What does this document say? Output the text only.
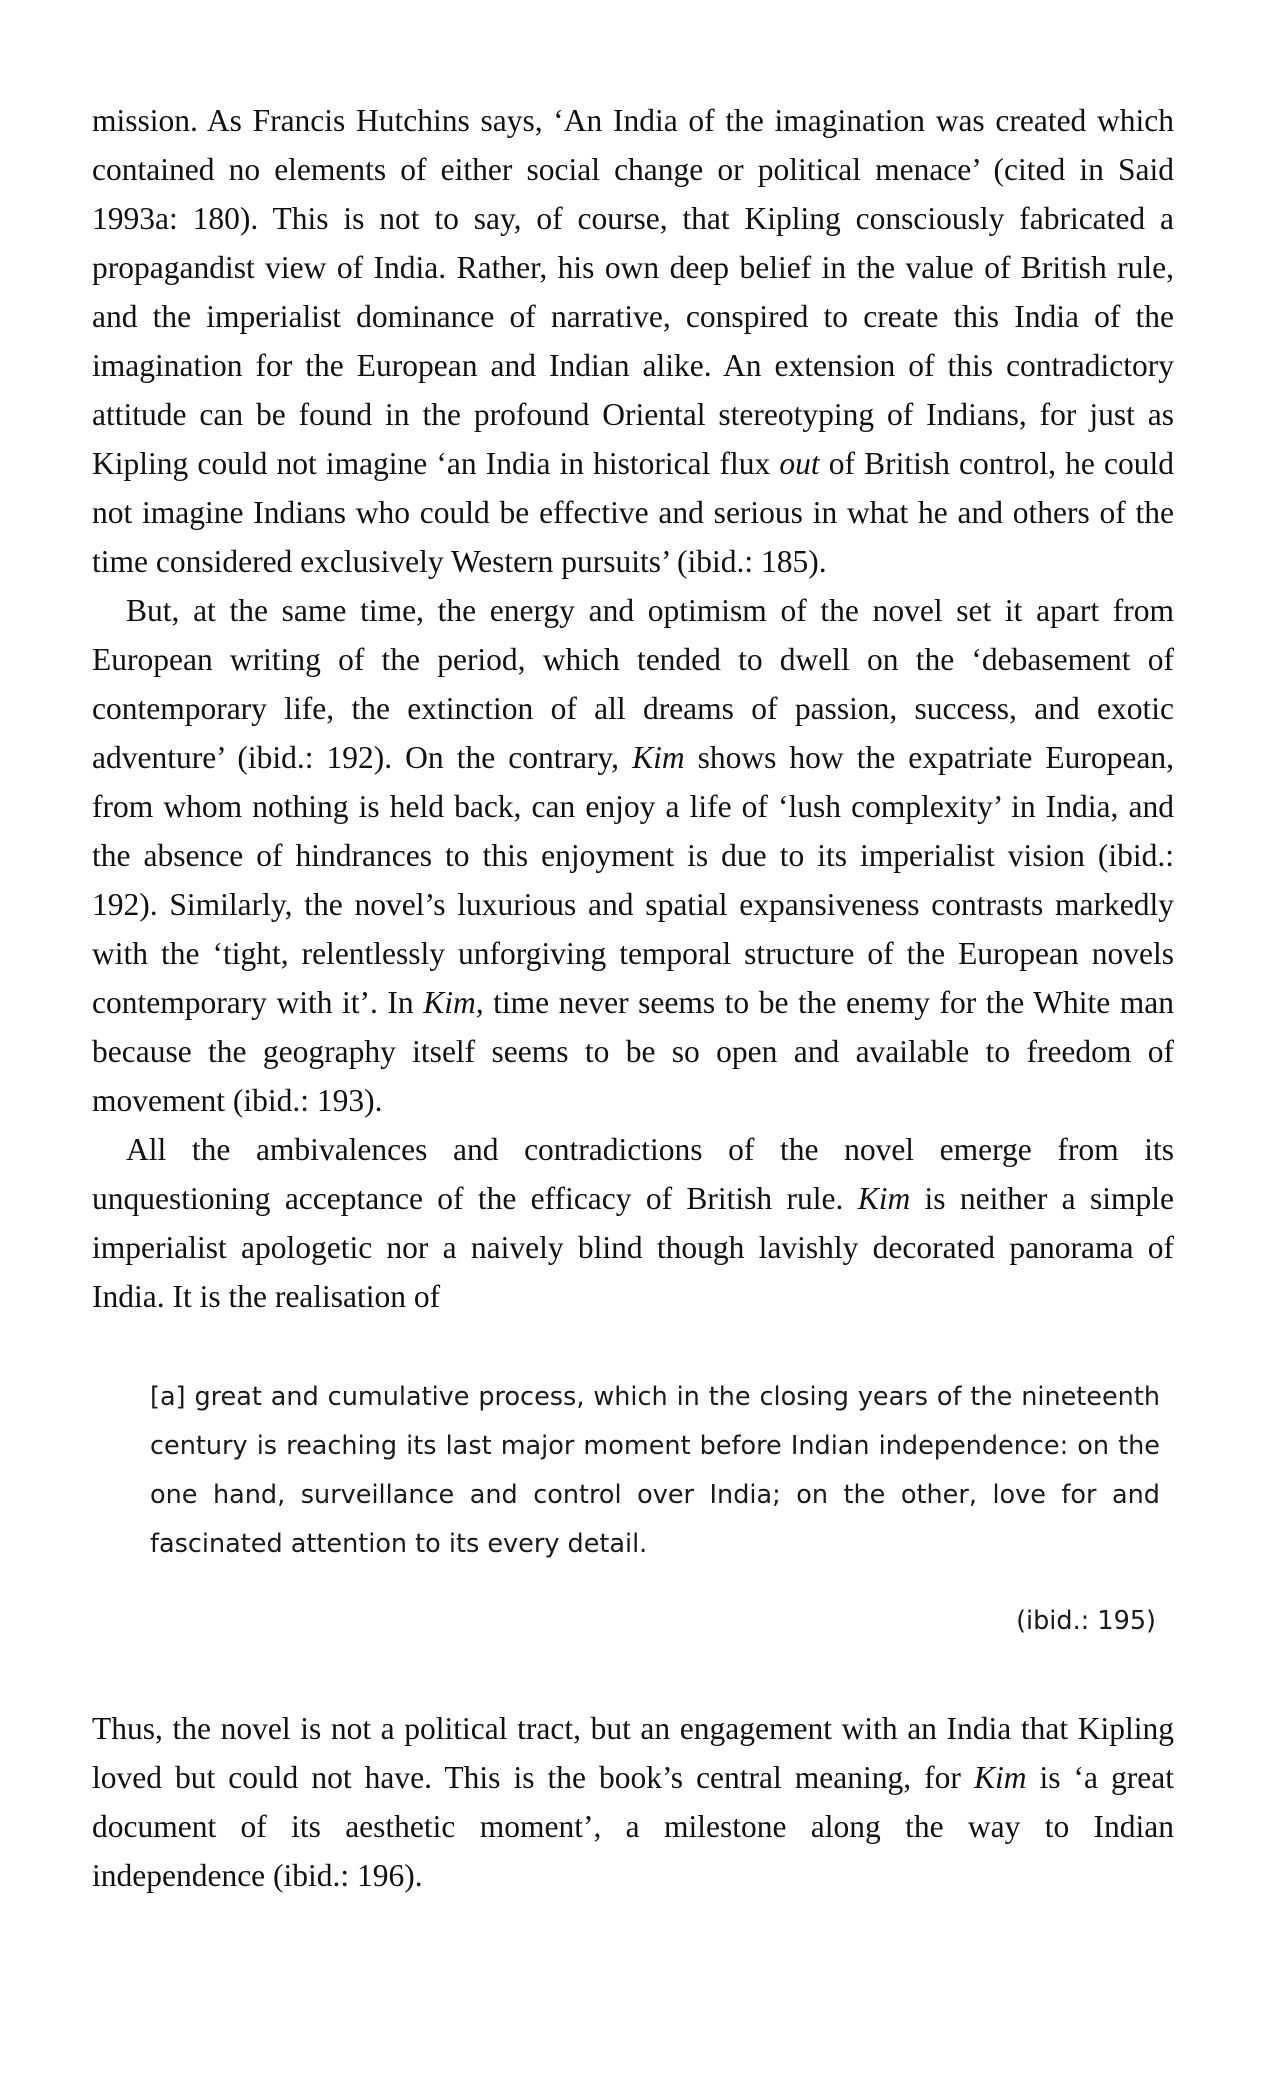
mission. As Francis Hutchins says, ‘An India of the imagination was created which contained no elements of either social change or political menace’ (cited in Said 1993a: 180). This is not to say, of course, that Kipling consciously fabricated a propagandist view of India. Rather, his own deep belief in the value of British rule, and the imperialist dominance of narrative, conspired to create this India of the imagination for the European and Indian alike. An extension of this contradictory attitude can be found in the profound Oriental stereotyping of Indians, for just as Kipling could not imagine ‘an India in historical flux out of British control, he could not imagine Indians who could be effective and serious in what he and others of the time considered exclusively Western pursuits’ (ibid.: 185).

But, at the same time, the energy and optimism of the novel set it apart from European writing of the period, which tended to dwell on the ‘debasement of contemporary life, the extinction of all dreams of passion, success, and exotic adventure’ (ibid.: 192). On the contrary, Kim shows how the expatriate European, from whom nothing is held back, can enjoy a life of ‘lush complexity’ in India, and the absence of hindrances to this enjoyment is due to its imperialist vision (ibid.: 192). Similarly, the novel’s luxurious and spatial expansiveness contrasts markedly with the ‘tight, relentlessly unforgiving temporal structure of the European novels contemporary with it’. In Kim, time never seems to be the enemy for the White man because the geography itself seems to be so open and available to freedom of movement (ibid.: 193).

All the ambivalences and contradictions of the novel emerge from its unquestioning acceptance of the efficacy of British rule. Kim is neither a simple imperialist apologetic nor a naively blind though lavishly decorated panorama of India. It is the realisation of

[a] great and cumulative process, which in the closing years of the nineteenth century is reaching its last major moment before Indian independence: on the one hand, surveillance and control over India; on the other, love for and fascinated attention to its every detail.

(ibid.: 195)

Thus, the novel is not a political tract, but an engagement with an India that Kipling loved but could not have. This is the book’s central meaning, for Kim is ‘a great document of its aesthetic moment’, a milestone along the way to Indian independence (ibid.: 196).
